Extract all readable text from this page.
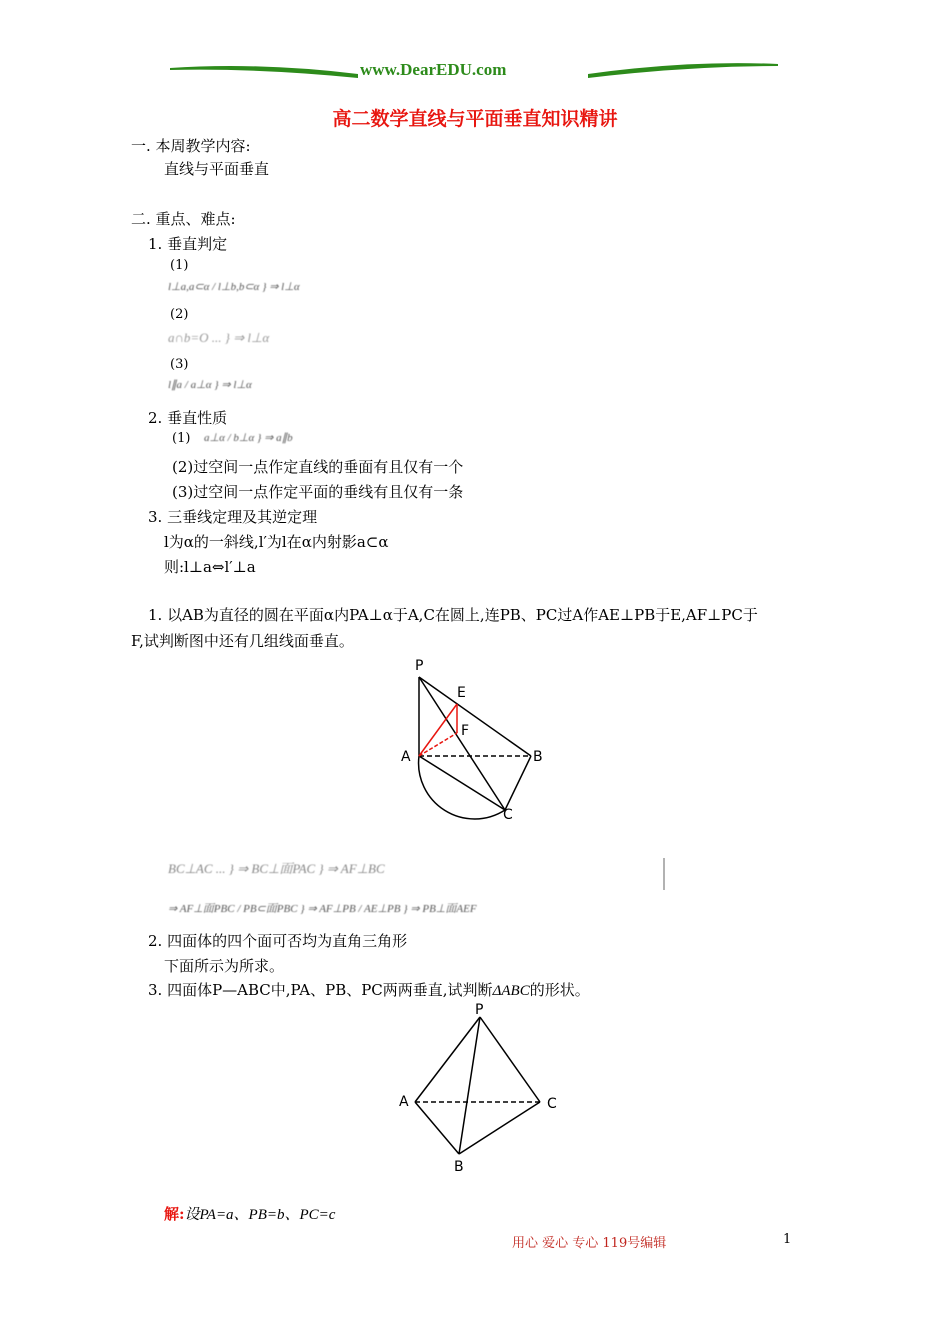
www.DearEDU.com
高二数学直线与平面垂直知识精讲
一. 本周教学内容:
直线与平面垂直
二. 重点、难点:
1. 垂直判定
(1)
l⊥a,a⊂α / l⊥b,b⊂α } ⇒ l⊥α
(2)
a∩b=O ... } ⇒ l⊥α
(3)
l∥a / a⊥α } ⇒ l⊥α
2. 垂直性质
(1) a⊥α / b⊥α } ⇒ a∥b
(2)过空间一点作定直线的垂面有且仅有一个
(3)过空间一点作定平面的垂线有且仅有一条
3. 三垂线定理及其逆定理
l为α的一斜线,l′为l在α内射影a⊂α
则:l⊥a⇔l′⊥a
1. 以AB为直径的圆在平面α内PA⊥α于A,C在圆上,连PB、PC过A作AE⊥PB于E,AF⊥PC于
F,试判断图中还有几组线面垂直。
P
E
F
A	B
C
BC⊥AC ... } ⇒ BC⊥面PAC } ⇒ AF⊥BC
⇒ AF⊥面PBC / PB⊂面PBC } ⇒ AF⊥PB / AE⊥PB } ⇒ PB⊥面AEF
2. 四面体的四个面可否均为直角三角形
下面所示为所求。
3. 四面体P—ABC中,PA、PB、PC两两垂直,试判断ΔABC的形状。
P
A	C
B
解:设PA=a、PB=b、PC=c
用心 爱心 专心 119号编辑	1
